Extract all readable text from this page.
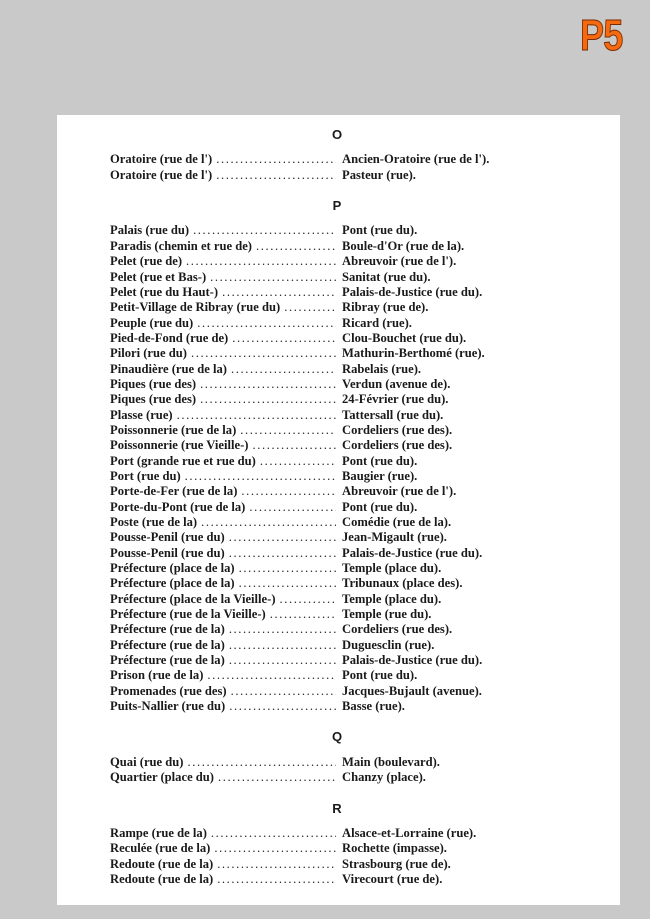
P5
O
Oratoire (rue de l') .....	Ancien-Oratoire (rue de l').
Oratoire (rue de l') .....	Pasteur (rue).
P
Palais (rue du) .....	Pont (rue du).
Paradis (chemin et rue de) .....	Boule-d'Or (rue de la).
Pelet (rue de) .....	Abreuvoir (rue de l').
Pelet (rue et Bas-) .....	Sanitat (rue du).
Pelet (rue du Haut-) .....	Palais-de-Justice (rue du).
Petit-Village de Ribray (rue du) .....	Ribray (rue de).
Peuple (rue du) .....	Ricard (rue).
Pied-de-Fond (rue de) .....	Clou-Bouchet (rue du).
Pilori (rue du) .....	Mathurin-Berthomé (rue).
Pinaudière (rue de la) .....	Rabelais (rue).
Piques (rue des) .....	Verdun (avenue de).
Piques (rue des) .....	24-Février (rue du).
Plasse (rue) .....	Tattersall (rue du).
Poissonnerie (rue de la) .....	Cordeliers (rue des).
Poissonnerie (rue Vieille-) .....	Cordeliers (rue des).
Port (grande rue et rue du) .....	Pont (rue du).
Port (rue du) .....	Baugier (rue).
Porte-de-Fer (rue de la) .....	Abreuvoir (rue de l').
Porte-du-Pont (rue de la) .....	Pont (rue du).
Poste (rue de la) .....	Comédie (rue de la).
Pousse-Penil (rue du) .....	Jean-Migault (rue).
Pousse-Penil (rue du) .....	Palais-de-Justice (rue du).
Préfecture (place de la) .....	Temple (place du).
Préfecture (place de la) .....	Tribunaux (place des).
Préfecture (place de la Vieille-) .....	Temple (place du).
Préfecture (rue de la Vieille-) .....	Temple (rue du).
Préfecture (rue de la) .....	Cordeliers (rue des).
Préfecture (rue de la) .....	Duguesclin (rue).
Préfecture (rue de la) .....	Palais-de-Justice (rue du).
Prison (rue de la) .....	Pont (rue du).
Promenades (rue des) .....	Jacques-Bujault (avenue).
Puits-Nallier (rue du) .....	Basse (rue).
Q
Quai (rue du) .....	Main (boulevard).
Quartier (place du) .....	Chanzy (place).
R
Rampe (rue de la) .....	Alsace-et-Lorraine (rue).
Reculée (rue de la) .....	Rochette (impasse).
Redoute (rue de la) .....	Strasbourg (rue de).
Redoute (rue de la) .....	Virecourt (rue de).
